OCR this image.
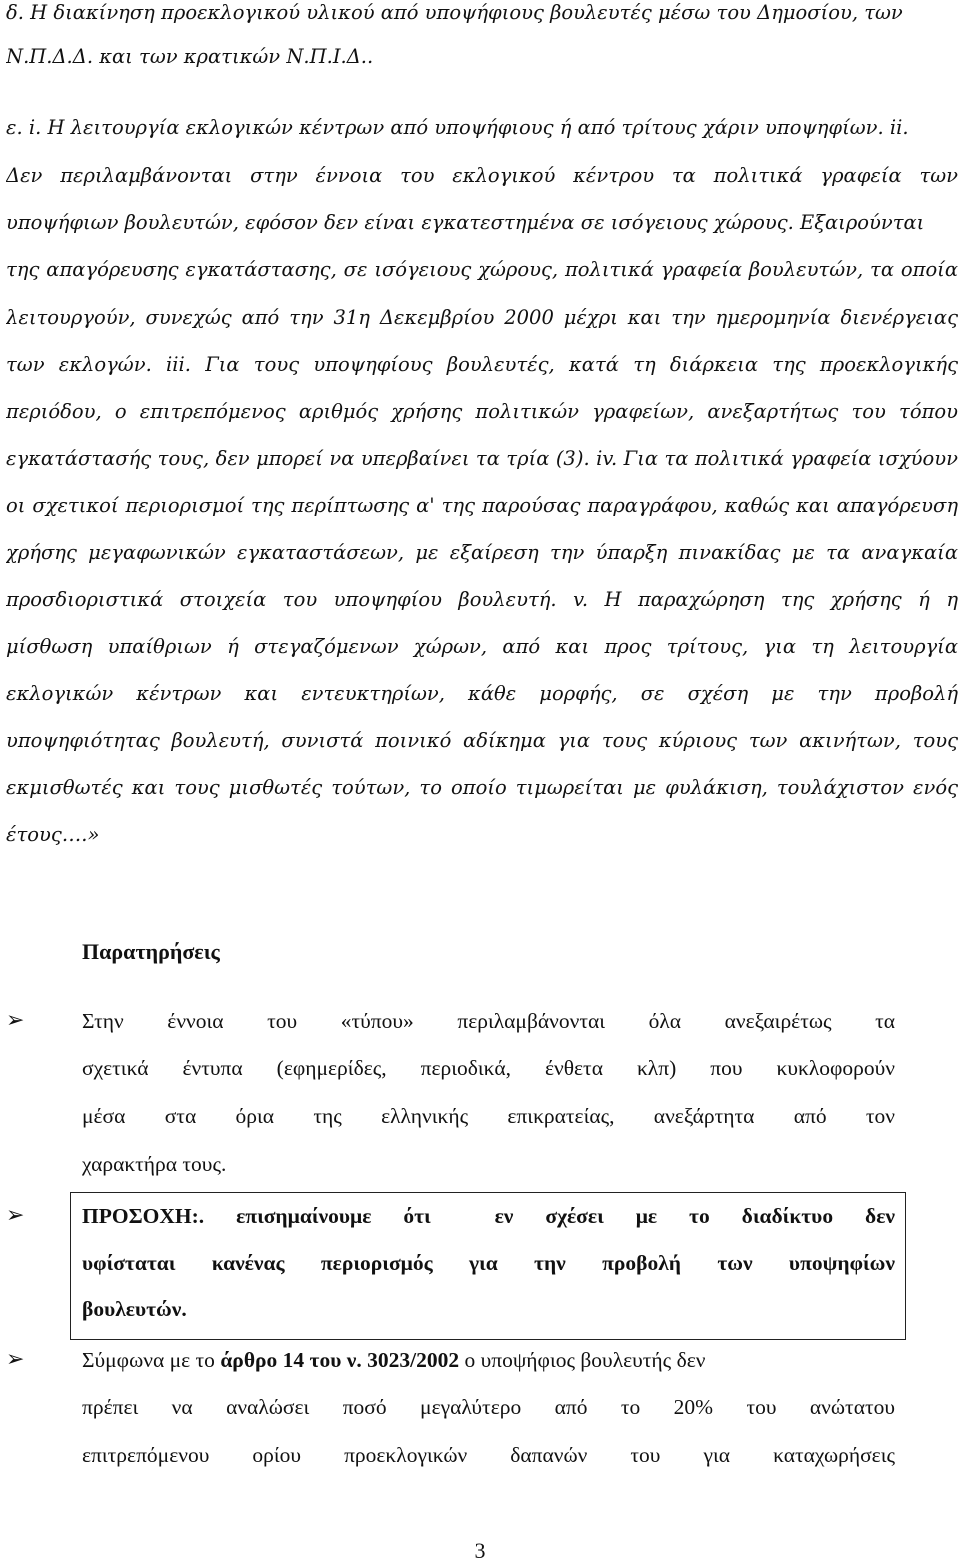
δ. Η διακίνηση προεκλογικού υλικού από υποψήφιους βουλευτές μέσω του Δημοσίου, των
Ν.Π.Δ.Δ. και των κρατικών Ν.Π.Ι.Δ..
ε. i. Η λειτουργία εκλογικών κέντρων από υποψήφιους ή από τρίτους χάριν υποψηφίων. ii.
Δεν περιλαμβάνονται στην έννοια του εκλογικού κέντρου τα πολιτικά γραφεία των
υποψήφιων βουλευτών, εφόσον δεν είναι εγκατεστημένα σε ισόγειους χώρους. Εξαιρούνται
της απαγόρευσης εγκατάστασης, σε ισόγειους χώρους, πολιτικά γραφεία βουλευτών, τα οποία
λειτουργούν, συνεχώς από την 31η Δεκεμβρίου 2000 μέχρι και την ημερομηνία διενέργειας
των εκλογών. iii. Για τους υποψηφίους βουλευτές, κατά τη διάρκεια της προεκλογικής
περιόδου, ο επιτρεπόμενος αριθμός χρήσης πολιτικών γραφείων, ανεξαρτήτως του τόπου
εγκατάστασής τους, δεν μπορεί να υπερβαίνει τα τρία (3). iv. Για τα πολιτικά γραφεία ισχύουν
οι σχετικοί περιορισμοί της περίπτωσης α' της παρούσας παραγράφου, καθώς και απαγόρευση
χρήσης μεγαφωνικών εγκαταστάσεων, με εξαίρεση την ύπαρξη πινακίδας με τα αναγκαία
προσδιοριστικά στοιχεία του υποψηφίου βουλευτή. v. Η παραχώρηση της χρήσης ή η
μίσθωση υπαίθριων ή στεγαζόμενων χώρων, από και προς τρίτους, για τη λειτουργία
εκλογικών κέντρων και εντευκτηρίων, κάθε μορφής, σε σχέση με την προβολή
υποψηφιότητας βουλευτή, συνιστά ποινικό αδίκημα για τους κύριους των ακινήτων, τους
εκμισθωτές και τους μισθωτές τούτων, το οποίο τιμωρείται με φυλάκιση, τουλάχιστον ενός
έτους….»
Παρατηρήσεις
➢	Στην έννοια του «τύπου» περιλαμβάνονται όλα ανεξαιρέτως τα
σχετικά έντυπα (εφημερίδες, περιοδικά, ένθετα κλπ) που κυκλοφορούν
μέσα στα όρια της ελληνικής επικρατείας, ανεξάρτητα από τον
χαρακτήρα τους.
➢	ΠΡΟΣΟΧΗ:. επισημαίνουμε ότι  εν σχέσει με το διαδίκτυο δεν
υφίσταται κανένας περιορισμός για την προβολή των υποψηφίων
βουλευτών.
➢	Σύμφωνα με το άρθρο 14 του ν. 3023/2002 ο υποψήφιος βουλευτής δεν
πρέπει να αναλώσει ποσό μεγαλύτερο από το 20% του ανώτατου
επιτρεπόμενου ορίου προεκλογικών δαπανών του για καταχωρήσεις
3
